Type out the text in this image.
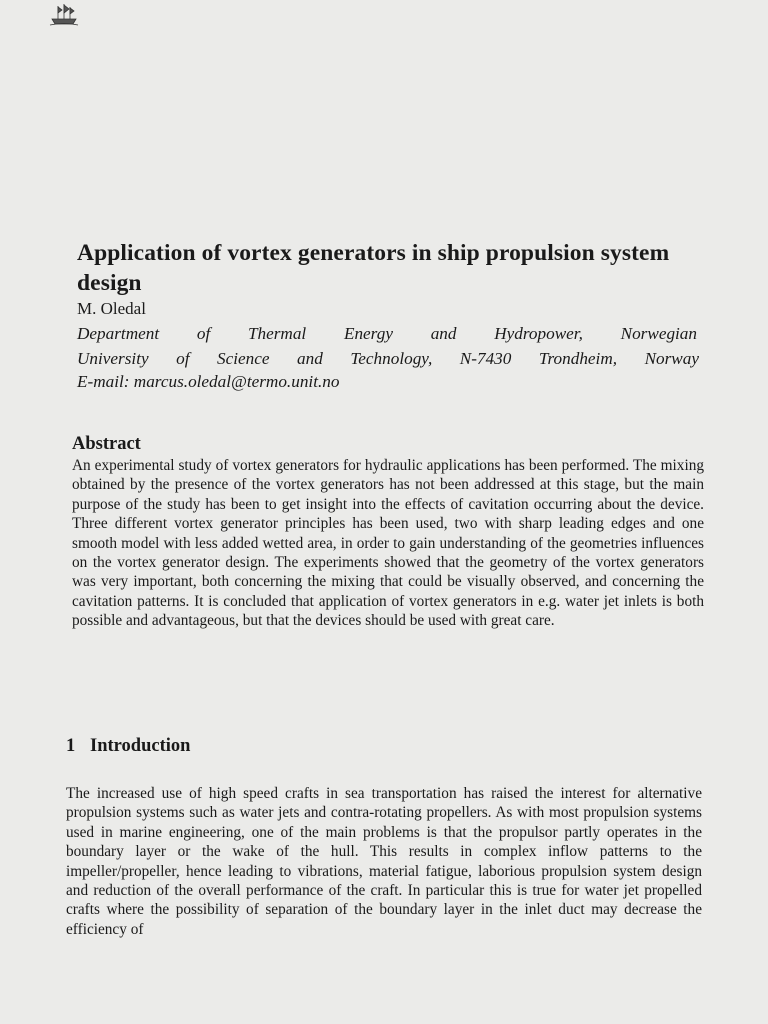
Application of vortex generators in ship propulsion system design

M. Oledal

Department of Thermal Energy and Hydropower, Norwegian

University of Science and Technology, N-7430 Trondheim, Norway

E-mail: marcus.oledal@termo.unit.no

Abstract

An experimental study of vortex generators for hydraulic applications has been performed. The mixing obtained by the presence of the vortex generators has not been addressed at this stage, but the main purpose of the study has been to get insight into the effects of cavitation occurring about the device. Three different vortex generator principles has been used, two with sharp leading edges and one smooth model with less added wetted area, in order to gain understanding of the geometries influences on the vortex generator design. The experiments showed that the geometry of the vortex generators was very important, both concerning the mixing that could be visually observed, and concerning the cavitation patterns. It is concluded that application of vortex generators in e.g. water jet inlets is both possible and advantageous, but that the devices should be used with great care.

1 Introduction

The increased use of high speed crafts in sea transportation has raised the interest for alternative propulsion systems such as water jets and contra-rotating propellers. As with most propulsion systems used in marine engineering, one of the main problems is that the propulsor partly operates in the boundary layer or the wake of the hull. This results in complex inflow patterns to the impeller/propeller, hence leading to vibrations, material fatigue, laborious propulsion system design and reduction of the overall performance of the craft. In particular this is true for water jet propelled crafts where the possibility of separation of the boundary layer in the inlet duct may decrease the efficiency of
